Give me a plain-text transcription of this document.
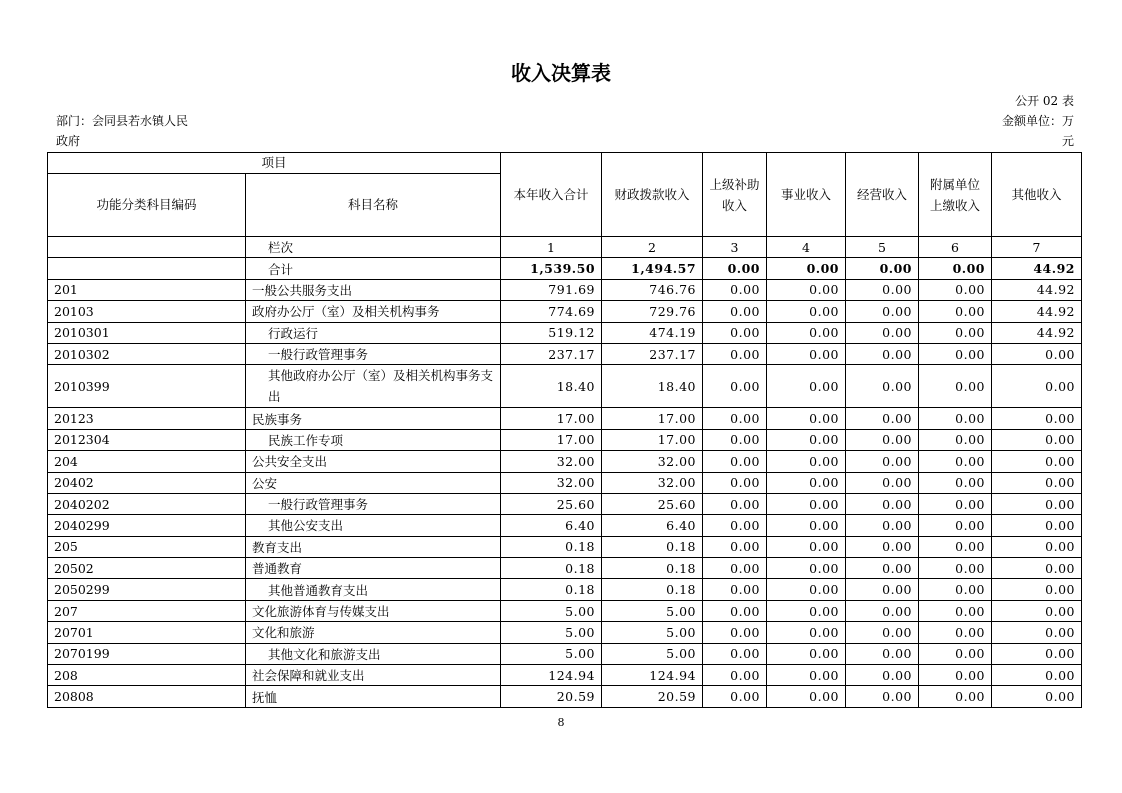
收入决算表
公开 02 表
金额单位：万
元
部门：会同县若水镇人民
政府
项目		本年收入合计	财政拨款收入	上级补助收入	事业收入	经营收入	附属单位上缴收入	其他收入
功能分类科目编码	科目名称							
	栏次	1	2	3	4	5	6	7
	合计	1,539.50	1,494.57	0.00	0.00	0.00	0.00	44.92
201	一般公共服务支出	791.69	746.76	0.00	0.00	0.00	0.00	44.92
20103	政府办公厅（室）及相关机构事务	774.69	729.76	0.00	0.00	0.00	0.00	44.92
2010301	行政运行	519.12	474.19	0.00	0.00	0.00	0.00	44.92
2010302	一般行政管理事务	237.17	237.17	0.00	0.00	0.00	0.00	0.00
2010399	其他政府办公厅（室）及相关机构事务支出	18.40	18.40	0.00	0.00	0.00	0.00	0.00
20123	民族事务	17.00	17.00	0.00	0.00	0.00	0.00	0.00
2012304	民族工作专项	17.00	17.00	0.00	0.00	0.00	0.00	0.00
204	公共安全支出	32.00	32.00	0.00	0.00	0.00	0.00	0.00
20402	公安	32.00	32.00	0.00	0.00	0.00	0.00	0.00
2040202	一般行政管理事务	25.60	25.60	0.00	0.00	0.00	0.00	0.00
2040299	其他公安支出	6.40	6.40	0.00	0.00	0.00	0.00	0.00
205	教育支出	0.18	0.18	0.00	0.00	0.00	0.00	0.00
20502	普通教育	0.18	0.18	0.00	0.00	0.00	0.00	0.00
2050299	其他普通教育支出	0.18	0.18	0.00	0.00	0.00	0.00	0.00
207	文化旅游体育与传媒支出	5.00	5.00	0.00	0.00	0.00	0.00	0.00
20701	文化和旅游	5.00	5.00	0.00	0.00	0.00	0.00	0.00
2070199	其他文化和旅游支出	5.00	5.00	0.00	0.00	0.00	0.00	0.00
208	社会保障和就业支出	124.94	124.94	0.00	0.00	0.00	0.00	0.00
20808	抚恤	20.59	20.59	0.00	0.00	0.00	0.00	0.00
8
